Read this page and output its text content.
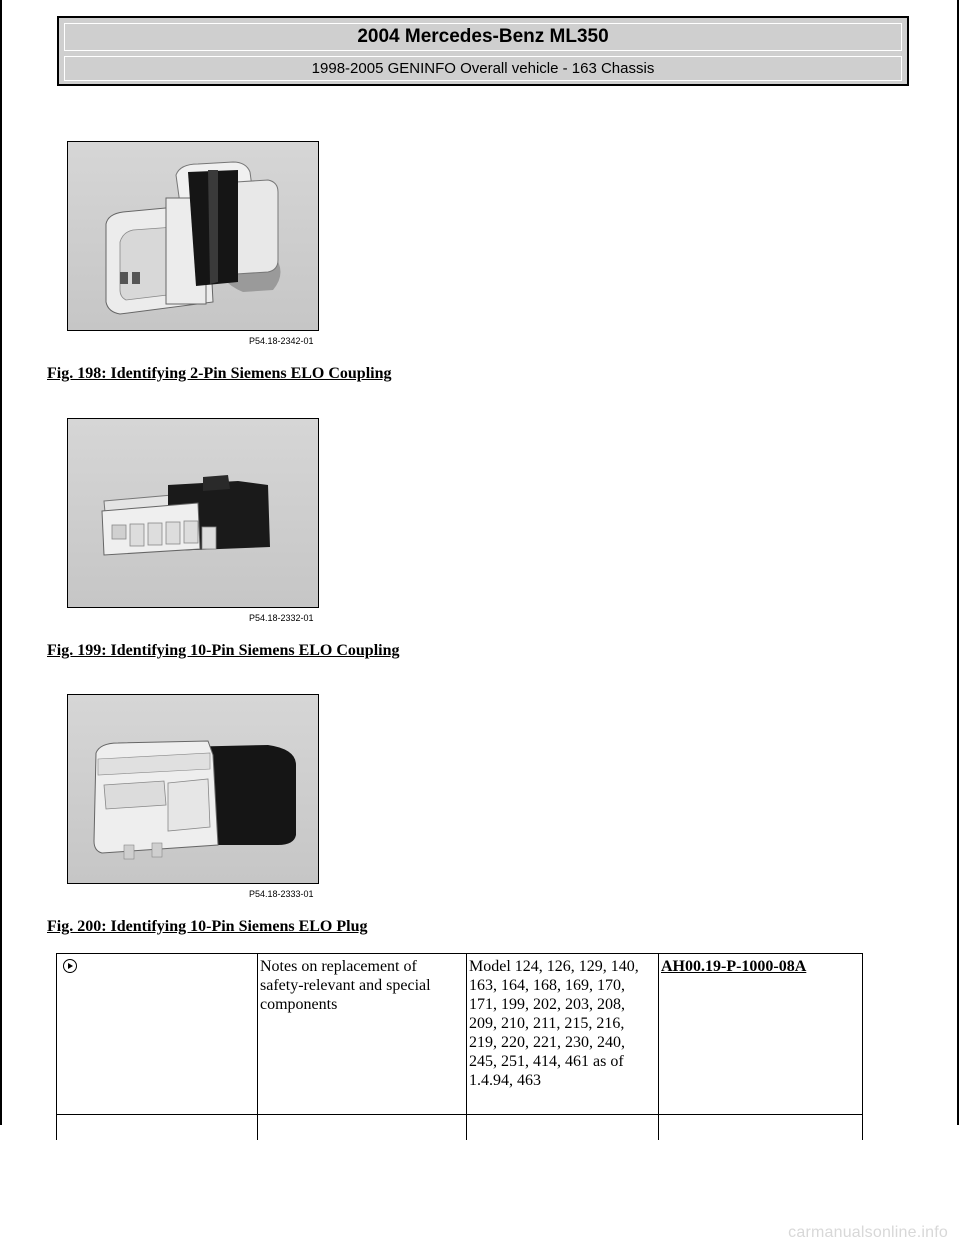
2004 Mercedes-Benz ML350
1998-2005 GENINFO Overall vehicle - 163 Chassis
P54.18-2342-01
Fig. 198: Identifying 2-Pin Siemens ELO Coupling
P54.18-2332-01
Fig. 199: Identifying 10-Pin Siemens ELO Coupling
P54.18-2333-01
Fig. 200: Identifying 10-Pin Siemens ELO Plug
	Notes on replacement of safety-relevant and special components	Model 124, 126, 129, 140, 163, 164, 168, 169, 170, 171, 199, 202, 203, 208, 209, 210, 211, 215, 216, 219, 220, 221, 230, 240, 245, 251, 414, 461 as of 1.4.94, 463	AH00.19-P-1000-08A

carmanualsonline.info
